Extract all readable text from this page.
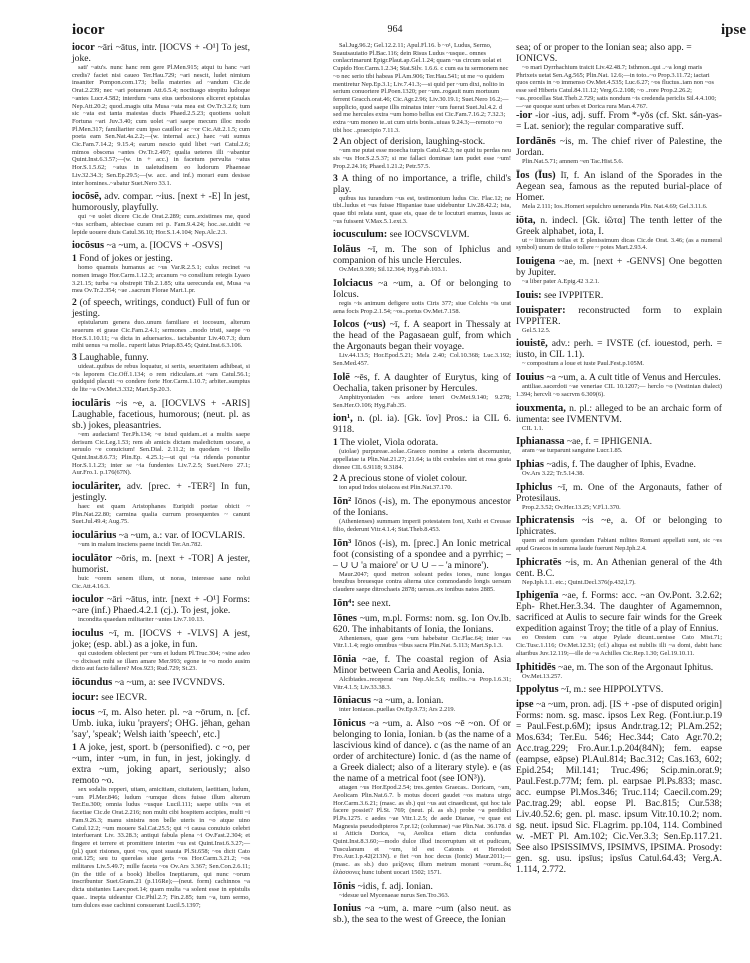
iocor	964	ipse
iocor ~āri ~ātus, intr. [IOCVS + -O¹] To jest, joke.
sati' ~atu's. nunc hanc rem gere Pl.Men.915; atqui tu hanc ~ari credis? faciet nisi caueo Ter.Hau.729; ~ari nescit, ludet nimium insaniter Pompon.com.173; bella materies ad ~andum Cic.de Orat.2.239; nec ~ari potueram Att.6.5.4; noctiuago strepitu ludoque ~antes Lucr.4.582; interdum ~ans eius uerbosiores eliceret epistulas Nep.Att.20.2; quod..magis uita Musa ~ata mea est Ov.Tr.3.2.6; tum sic ~ata est tanta maiestas ducis Phaed.2.5.23; quotiens uoluit Fortuna ~ari Juv.3.40; cum uolet ~ari saepe mecum illoc modo Pl.Men.317; familiariter cum ipso cauillor ac ~or Cic.Att.2.1.5; cum poeta eam Sen.Nat.4a.2.2;—(w. internal acc.) haec ~ati sumus Cic.Fam.7.14.2; 9.15.4; earum nescio quid libet ~ari Catul.2.6; mimos obscena ~antes Ov.Tr.2.497; qualia ueteres illi ~abantur Quint.Inst.6.3.57;—(w. in + acc.) in facetum pervulta ~atus Hor.S.1.5.62; ~atus in ualetudinem eo ludorum Phaeneae Liv.32.34.3; Sen.Ep.29.5;—(w. acc. and inf.) morari eum desisse inter homines..~abatur Suet.Nero 33.1.
iocōsē, adv. compar. ~ius. [next + -E] In jest, humorously, playfully.
qui ~e uolet dicere Cic.de Orat.2.289; cum..existimes me, quod ~ius scribam, abiecisse curam rei p. Fam.9.4.24; hoc..se..uidit ~e lepide uouere diuis Catul.36.10; Hor.S.1.4.104; Nep.Alc.2.3.
iocōsus ~a ~um, a. [IOCVS + -OSVS]
1 Fond of jokes or jesting.
homo quamuis humanus ac ~us Var.R.2.5.1; culus recinet ~a nomen imago Hor.Carm.1.12.3; arcanum ~o consilium retegis Lyaeo 3.21.15; turba ~a obstrepit Tib.2.1.85; uita uerecunda est, Musa ~a mea Ov.Tr.2.354; ~ae ..sacrum Florae Mart.1.pr.
2 (of speech, writings, conduct) Full of fun or jesting.
epistularum genera duo..unum familiare et iocosum, alterum seuerum et graue Cic.Fam.2.4.1; sermones ..modo tristi, saepe ~o Hor.S.1.10.11; ~a dicta in aduersarios.. iactabantur Liv.40.7.3; dum mihi uenus ~a molle.. ruperit latus Priap.83.45; Quint.Inst.6.3.106.
3 Laughable, funny.
uideat..quibus de rebus loquatur, si seriis, seueritatem adhibeat, si ~is leporem Cic.Off.1.134; o rem ridiculam..et ~am Catul.56.1; quidquid placuit ~o condere forte Hor.Carm.1.10.7; arbiter..sumptus de lite ~a Ov.Met.3.332; Mart.Sp.20.3.
ioculāris ~is ~e, a. [IOCVLVS + -ARIS] Laughable, facetious, humorous; (neut. pl. as sb.) jokes, pleasantries.
~em audaciam! Ter.Ph.134; ~e istud quidam..et a multis saepe derisum Cic.Leg.1.53; rem ab amicis dictam maledictum uocare, a seruulo ~e conuicium! Sen.Dial. 2.11.2; in quodam ~i libello Quint.Inst.8.6.73; Plin.Ep. 4.25.1;—ut qui ~ia ridenda ponuntur Hor.S.1.1.23; inter se ~ia fundentes Liv.7.2.5; Suet.Nero 27.1; Aur.Fro.1. p.176(67N).
ioculāriter, adv. [prec. + -TER²] In fun, jestingly.
haec est quam Aristophanes Euripidi poetae obicit ~ Plin.Nat.22.80; carmina qualia currum prosequentes ~ canunt Suet.Jul.49.4; Aug.75.
ioculārius ~a ~um, a.: var. of IOCVLARIS.
~um in malum insciens paene incidi Ter.An.782.
ioculātor ~ōris, m. [next + -TOR] A jester, humorist.
huic ~orem senem illum, ut noras, interesse sane nolui Cic.Att.4.16.3.
ioculor ~āri ~ātus, intr. [next + -O¹] Forms: ~are (inf.) Phaed.4.2.1 (cj.). To jest, joke.
incondita quaedam militariter ~antes Liv.7.10.13.
ioculus ~ī, m. [IOCVS + -VLVS] A jest, joke; (esp. abl.) as a joke, in fun.
qui custodem oblectent per ~um et ludum Pl.Truc.304; ~sine adeo ~o dixisset mihi se illam amare Mer.993; egone te ~o modo ausim dicto aut facto fallere? Mos.923; Rud.729; St.23.
iōcundus ~a ~um, a: see IVCVNDVS.
iocur: see IECVR.
iocus ~ī, m. Also heter. pl. ~a ~ōrum, n. [cf. Umb. iuka, iuku 'prayers'; OHG. jēhan, gehan 'say', 'speak'; Welsh iaith 'speech', etc.]
1 A joke, jest, sport. b (personified). c ~o, per ~um, inter ~um, in fun, in jest, jokingly. d extra ~um, joking apart, seriously; also remoto ~o.
sex sodalis repperi, uitam, amicitiam, ciuitatem, laetitiam, ludum, ~um Pl.Mer.846; ludum ~umque dices fuisse illum alterum Ter.Eu.300; omnia ludus ~usque Lucil.111; saepe utilis ~us et facetiae Cic.de Orat.2.216; non multi cibi hospitem accipies, multi ~i Fam.9.26.3; manu sinistra non belle uteris in ~o atque uino Catul.12.2; ~um mouere Sal.Cat.25.5; qui ~i causa conuiuio celebri interfuerant Liv. 33.28.3; antiqui fabula plena ~i Ov.Fast.2.304; et fingere et terrere et promittere interim ~us est Quint.Inst.6.3.27;—(pl.) quot risiones, quot ~os, quot suauia Pl.St.658; ~os dicit Cato orat.125; seu tu querelas siue geris ~os Hor.Carm.3.21.2; ~os militares Liv.5.49.7; mille faceta ~os Ov.Ars 3.367; Sen.Con.2.6.11; (in the title of a book) libellos Ineptiarum, qui nunc ~orum inscribuntur Suet.Gram.21 (p.116Re);—(neut. form) cachinnos ~a dicta uisitantes Laev.poet.14; quam multa ~a solent esse in epistulis quae.. inepta uideantur Cic.Phil.2.7; Fin.2.85; tum ~a, tum sermo, tum dulces esse cachinni consuerant Lucil.5.1397;
Sal.Jug.96.2; Gel.12.2.11; Apul.Fl.16. b ~o¹, Ludus, Sermo, Suauisauiatio Pl.Bac.116; dein Risus Ludus ~usque.. omnes conlacrimarunt Epigr.Plaut.ap.Gel.1.24; quam ~us circum uolat et Cupido Hor.Carm.1.2.34; Stat.Silv. 1.6.6. c cum ea tu sermonem nec ~o nec serio tibi habeas Pl.Am.906; Ter.Hau.541; ut me ~o quidem mentiretur Nep.Ep.3.1; Liv.7.41.3;—si quid per ~um dixi, nolito in serium conuortere Pl.Poen.1320; per ~um..rogauit num mortuum ferrent Gracch.orat.46; Cic.Agr.2.96; Liv.30.19.1; Suet.Nero 16.2;—supplicio, quod saepe illis minatus inter ~um fuerat Suet.Jul.4.2. d sed me hercules extra ~um homo bellus est Cic.Fam.7.16.2; 7.32.3; extra ~um moneo te..ut cum uiris bonis..uiuas 9.24.3;—remoto ~o tibi hoc ..praecipio 7.11.3.
2 An object of derision, laughing-stock.
~um me putat esse moecha turpis Catul.42.3; ne quid tu perdas neu sis ~us Hor.S.2.5.37; si me fallaci dominae iam pudet esse ~um! Prop.2.24.16; Phaed.1.21.2; Petr.57.5.
3 A thing of no importance, a trifle, child's play.
quibus ius iurandum ~us est, testimonium ludus Cic. Flac.12; ne tibi..ludus et ~us fuisse Hispaniae tuae uidebuntur Liv.28.42.2; ista, quae tibi relata sunt, quae eis, quae de te locuturi eramus, lusus ac ~us fuissent V.Max.5.1.ext.3.
iocusculum: see IOCVSCVLVM.
Iolāus ~ī, m. The son of Iphiclus and companion of his uncle Hercules.
Ov.Met.9.399; Sil.12.364; Hyg.Fab.103.1.
Iolciacus ~a ~um, a. Of or belonging to Iolcus.
regis ~is animum defigere uotis Ciris 377; siue Colchis ~is urat aena focis Prop.2.1.54; ~os..portus Ov.Met.7.158.
Iolcos (~us) ~ī, f. A seaport in Thessaly at the head of the Pagasaean gulf, from which the Argonauts began their voyage.
Liv.44.13.5; Hor.Epod.5.21; Mela 2.40; Col.10.368; Luc.3.192; Sen.Med.457.
Iolē ~ēs, f. A daughter of Eurytus, king of Oechalia, taken prisoner by Hercules.
Amphitryoniaden ~es ardore teneri Ov.Met.9.140; 9.278; Sen.Her.O.106; Hyg.Fab.35.
ion¹, n. (pl. ia). [Gk. ἴον] Pros.: ia CIL 6. 9118.
1 The violet, Viola odorata.
(uiolae) purpureae..solae..Graeco nomine a ceteris discernuntur, appellatae ia Plin.Nat.21.27; 21.64; ia tibi cvnbeles sint et rosa grata dionee CIL 6.9118; 9.3184.
2 A precious stone of violet colour.
ion apud Indos uiolacea est Plin.Nat.37.170.
Iōn² Iōnos (-is), m. The eponymous ancestor of the Ionians.
(Athenienses) summam imperii potestatem Ioni, Xuthi et Creusae filio, dederunt Vitr.4.1.4; Stat.Theb.8.453.
Iōn³ Iōnos (-is), m. [prec.] An Ionic metrical foot (consisting of a spondee and a pyrrhic; – – ∪ ∪ 'a maiore' or ∪ ∪ – – 'a minore').
Maur.2047; quod metron soleant pedes iones, nunc longas breuibus breuesque contra alterna uice commodando longis uersum claudere saepe ditrochaeis 2878; uersus..ex ionibus natos 2885.
Iōn⁴: see next.
Iōnes ~um, m.pl. Forms: nom. sg. Ion Ov.Ib. 620. The inhabitants of Ionia, the Ionians.
Athenienses, quae gens ~um habebatur Cic.Flac.64; inter ~as Vitr.1.1.4; regio omnibus ~ibus sacra Plin.Nat. 5.113; Mart.Sp.1.3.
Iōnia ~ae, f. The coastal region of Asia Minor between Caria and Aeolis, Ionia.
Alcibiades..receperat ~am Nep.Alc.5.6; mollis..~a Prop.1.6.31; Vitr.4.1.5; Liv.33.38.3.
Iōniacus ~a ~um, a. Ionian.
inter Ioniacas..puellas Ov.Ep.9.73; Ars 2.219.
Iōnicus ~a ~um, a. Also ~os ~ē ~on. Of or belonging to Ionia, Ionian. b (as the name of a lascivious kind of dance). c (as the name of an order of architecture) Ionic. d (as the name of a Greek dialect; also of a literary style). e (as the name of a metrical foot (see ION³)).
attagen ~us Hor.Epod.2.54; tres..gentes Graecas.. Doricam, ~am, Aeolicam Plin.Nat.6.7. b motus doceri gaudet ~os matura uirgo Hor.Carm.3.6.21; (masc. as sb.) qui ~us aut cinaedicust, qui hoc tale facere possiet? Pl.St. 769; (neut. pl. as sb.) probe ~a perdidici Pl.Ps.1275. c aedes ~ae Vitr.1.2.5; de aede Dianae, ~e quae est Magnesia pseudodipteros 7.pr.12; (columnae) ~ae Plin.Nat. 36.178. d si Atticis Dorica, ~a, Aeolica etiam dicta confundas Quint.Inst.8.3.60;—modo dulce illud incorruptum sit et pudicum, Tusculanum et ~um, id est Catonis et Herodoti Fro.Aur.1.p.42(213N). e fiet ~on hoc decus (Ionic) Maur.2011;—(masc. as sb.) duo μείζονες illum metrum morant ~orum..δις ἐλάσσονες hunc iubent uocari 1502; 1571.
Iōnis ~idis, f. adj. Ionian.
~idesue uel Mycenaeae nurus Sen.Tro.363.
Ionius ~a ~um, a. mare ~um (also neut. as sb.), the sea to the west of Greece, the Ionian
sea; of or proper to the Ionian sea; also app. = IONICVS.
~o mari Dyrrhachium traicit Liv.42.48.7; Isthmon..qui ..~a longi maris Phrixeis uetat Sen.Ag.565; Plin.Nat. 12.6;—in toto..~o Prop.3.11.72; iactari quos cernis in ~o immenso Ov.Met.4.535; Luc.6.27; ~os fluctus..iam non ~os esse sed Hiberis Catul.84.11.12; Verg.G.2.108; ~o ..rore Prop.2.26.2; ~as..procellas Stat.Theb.2.729; satis nondum ~is credenda periclis Sil.4.4.100;—~ae quoque sunt urbes et Dorica rura Man.4.767.
-ior -ior -ius, adj. suff. From *-yŏs (cf. Skt. sán-yas- = Lat. senior); the regular comparative suff.
Iordānēs ~is, m. The chief river of Palestine, the Jordan.
Plin.Nat.5.71; amnem ~en Tac.Hist.5.6.
Īos (Īus) Iī, f. An island of the Sporades in the Aegean sea, famous as the reputed burial-place of Homer.
Mela 2.111; Ios..Homeri sepulchro ueneranda Plin. Nat.4.69; Gel.3.11.6.
iōta, n. indecl. [Gk. ἰῶτα] The tenth letter of the Greek alphabet, iota, I.
ut ~ litteram tollas et E plenissimum dicas Cic.de Orat. 3.46; (as a numeral symbol) unum de titulo tollere ~ potes Mart.2.93.4.
Iouigena ~ae, m. [next + -GENVS] One begotten by Jupiter.
~a liber pater A.Epig.42 3.2.1.
Iouis: see IVPPITER.
Iouispater: reconstructed form to explain IVPPITER.
Gel.5.12.5.
iouistē, adv.: perh. = IVSTE (cf. iouestod, perh. = iusto, in CIL 1.1).
~ compositum a loue et iuste Paul.Fest.p.105M.
Iouius ~a ~um, a. A cult title of Venus and Hercules.
antiliae..sacerdoti ~ae veneriae CIL 10.1207;— herclo ~o (Vestinian dialect) 1.394; hercvli ~o sacrvm 6.309(6).
iouxmenta, n. pl.: alleged to be an archaic form of iumenta: see IVMENTVM.
CIL 1.1.
Iphianassa ~ae, f. = IPHIGENIA.
aram ~ae turparunt sanguine Lucr.1.85.
Iphias ~adis, f. The daugher of Iphis, Evadne.
Ov.Ars 3.22; Tr.5.14.38.
Iphiclus ~ī, m. One of the Argonauts, father of Protesilaus.
Prop.2.3.52; Ov.Her.13.25; V.Fl.1.370.
Iphicratensis ~is ~e, a. Of or belonging to Iphicrates.
quem ad modum quondam Fabiani milites Romani appellati sunt, sic ~es apud Graecos in summa laude fuerunt Nep.Iph.2.4.
Iphicratēs ~is, m. An Athenian general of the 4th cent. B.C.
Nep.Iph.1.1. etc.; Quint.Decl.376(p.432,l.7).
Iphigenīa ~ae, f. Forms: acc. ~an Ov.Pont. 3.2.62; Eph- Rhet.Her.3.34. The daughter of Agamemnon, sacrificed at Aulis to secure fair winds for the Greek expedition against Troy; the title of a play of Ennius.
eo Orestem cum ~a atque Pylade dicunt..uenisse Cato Mist.71; Cic.Tusc.1.116; Ov.Met.12.31; (cf.) aliqua est nubilis illi ~a domi, dabit hanc altaribus Juv.12.119;—ille de ~a Achilles Cic.Rep.1.30; Gel.19.10.11.
Iphitidēs ~ae, m. The son of the Argonaut Iphitus.
Ov.Met.13.257.
Ippolytus ~ī, m.: see HIPPOLYTVS.
ipse ~a ~um, pron. adj. [IS + -pse of disputed origin] Forms: nom. sg. masc. ipsos Lex Reg. (Font.iur.p.19 = Paul.Fest.p.6M); ipsus Andr.trag.12; Pl.Am.252; Mos.634; Ter.Eu. 546; Hec.344; Cato Agr.70.2; Acc.trag.229; Fro.Aur.1.p.204(84N); fem. eapse (eampse, eāpse) Pl.Aul.814; Bac.312; Cas.163, 602; Epid.254; Mil.141; Truc.496; Scip.min.orat.9; Paul.Fest.p.77M; fem. pl. earpsae Pl.Ps.833; masc. acc. eumpse Pl.Mos.346; Truc.114; Caecil.com.29; Pac.trag.29; abl. eopse Pl. Bac.815; Cur.538; Liv.40.52.6; gen. pl. masc. ipsum Vitr.10.10.2; nom. sg. neut. ipsud Sic. Fl.agrim. pp.104, 114. Combined w. -MET Pl. Am.102; Cic.Ver.3.3; Sen.Ep.117.21. See also IPSISSIMVS, IPSIMVS, IPSIMA. Prosody: gen. sg. usu. ipsīus; ipsĭus Catul.64.43; Verg.A. 1.114, 2.772.
